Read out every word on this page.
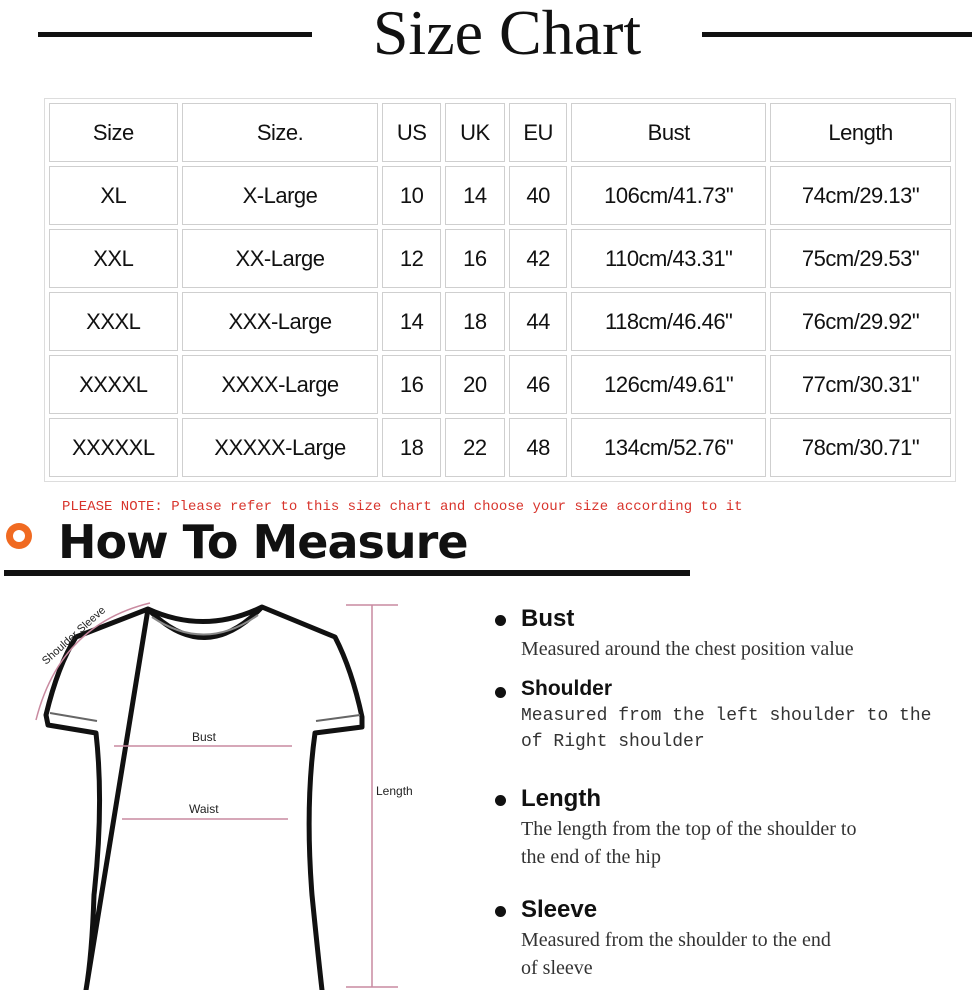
Size Chart
Size	Size.	US	UK	EU	Bust	Length
XL	X-Large	10	14	40	106cm/41.73"	74cm/29.13"
XXL	XX-Large	12	16	42	110cm/43.31"	75cm/29.53"
XXXL	XXX-Large	14	18	44	118cm/46.46"	76cm/29.92"
XXXXL	XXXX-Large	16	20	46	126cm/49.61"	77cm/30.31"
XXXXXL	XXXXX-Large	18	22	48	134cm/52.76"	78cm/30.71"
PLEASE NOTE: Please refer to this size chart and choose your size according to it
How To Measure
Shoulder Sleeve
Bust
Waist
Length
Bust
Measured around the chest position value
Shoulder
Measured from the left shoulder to the
of Right shoulder
Length
The length from the top of the shoulder to
the end of the hip
Sleeve
Measured from the shoulder to the end
of sleeve
